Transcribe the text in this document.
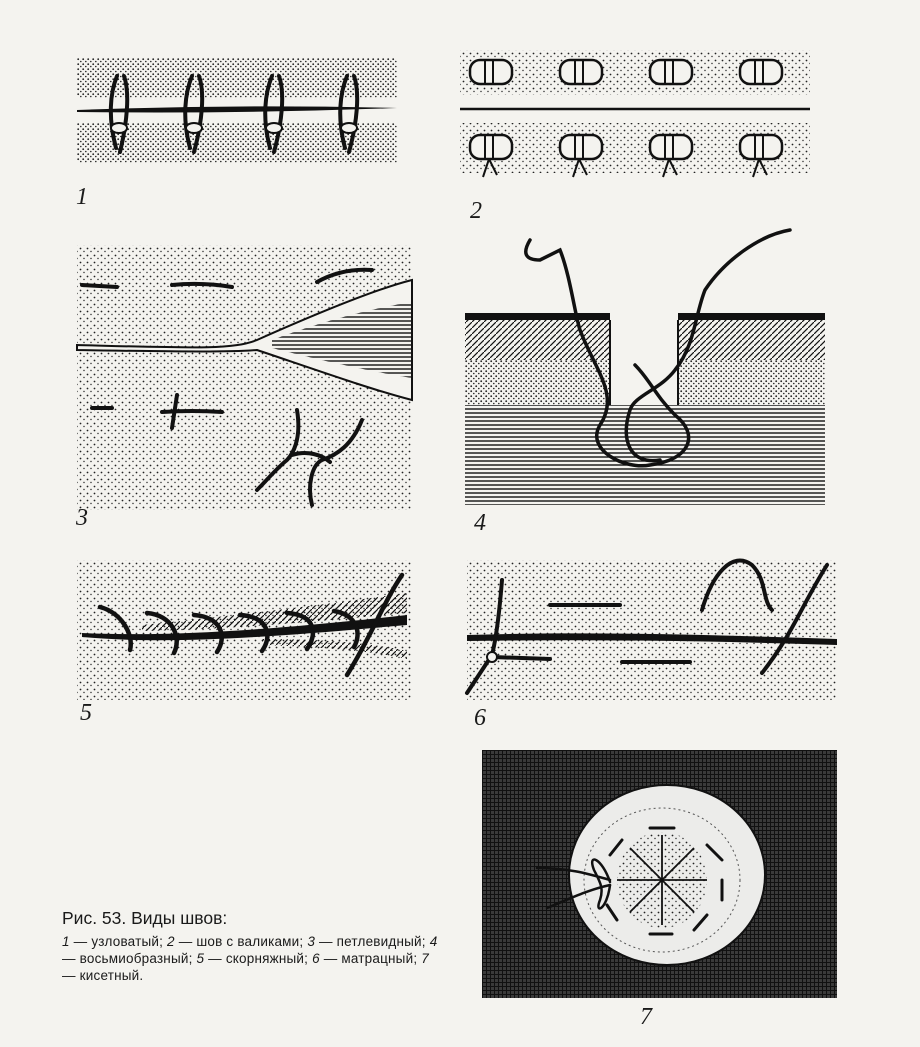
1
2
3	4
5	6
7

Рис. 53. Виды швов:

1 — узловатый; 2 — шов с валиками; 3 — петлевидный; 4 — восьмиобразный; 5 — скорняжный; 6 — матрацный; 7 — кисетный.
